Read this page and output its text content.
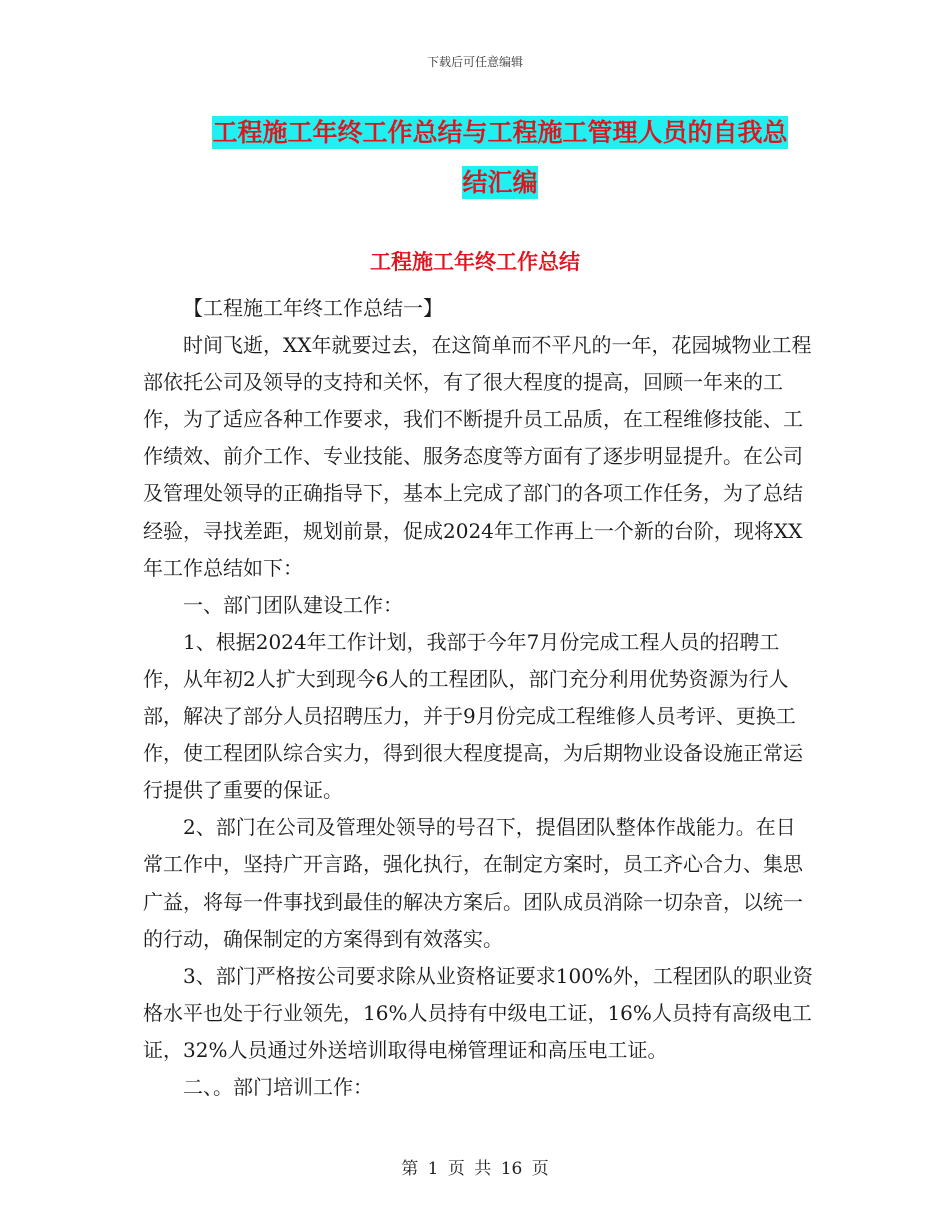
下载后可任意编辑
工程施工年终工作总结与工程施工管理人员的自我总
结汇编
工程施工年终工作总结

【工程施工年终工作总结一】

时间飞逝，XX年就要过去，在这简单而不平凡的一年，花园城物业工程部依托公司及领导的支持和关怀，有了很大程度的提高，回顾一年来的工作，为了适应各种工作要求，我们不断提升员工品质，在工程维修技能、工作绩效、前介工作、专业技能、服务态度等方面有了逐步明显提升。在公司及管理处领导的正确指导下，基本上完成了部门的各项工作任务，为了总结经验，寻找差距，规划前景，促成2024年工作再上一个新的台阶，现将XX年工作总结如下：

一、部门团队建设工作：

1、根据2024年工作计划，我部于今年7月份完成工程人员的招聘工作，从年初2人扩大到现今6人的工程团队，部门充分利用优势资源为行人部，解决了部分人员招聘压力，并于9月份完成工程维修人员考评、更换工作，使工程团队综合实力，得到很大程度提高，为后期物业设备设施正常运行提供了重要的保证。

2、部门在公司及管理处领导的号召下，提倡团队整体作战能力。在日常工作中，坚持广开言路，强化执行，在制定方案时，员工齐心合力、集思广益，将每一件事找到最佳的解决方案后。团队成员消除一切杂音，以统一的行动，确保制定的方案得到有效落实。

3、部门严格按公司要求除从业资格证要求100%外，工程团队的职业资格水平也处于行业领先，16%人员持有中级电工证，16%人员持有高级电工证，32%人员通过外送培训取得电梯管理证和高压电工证。

二、。部门培训工作：

第 1 页 共 16 页
